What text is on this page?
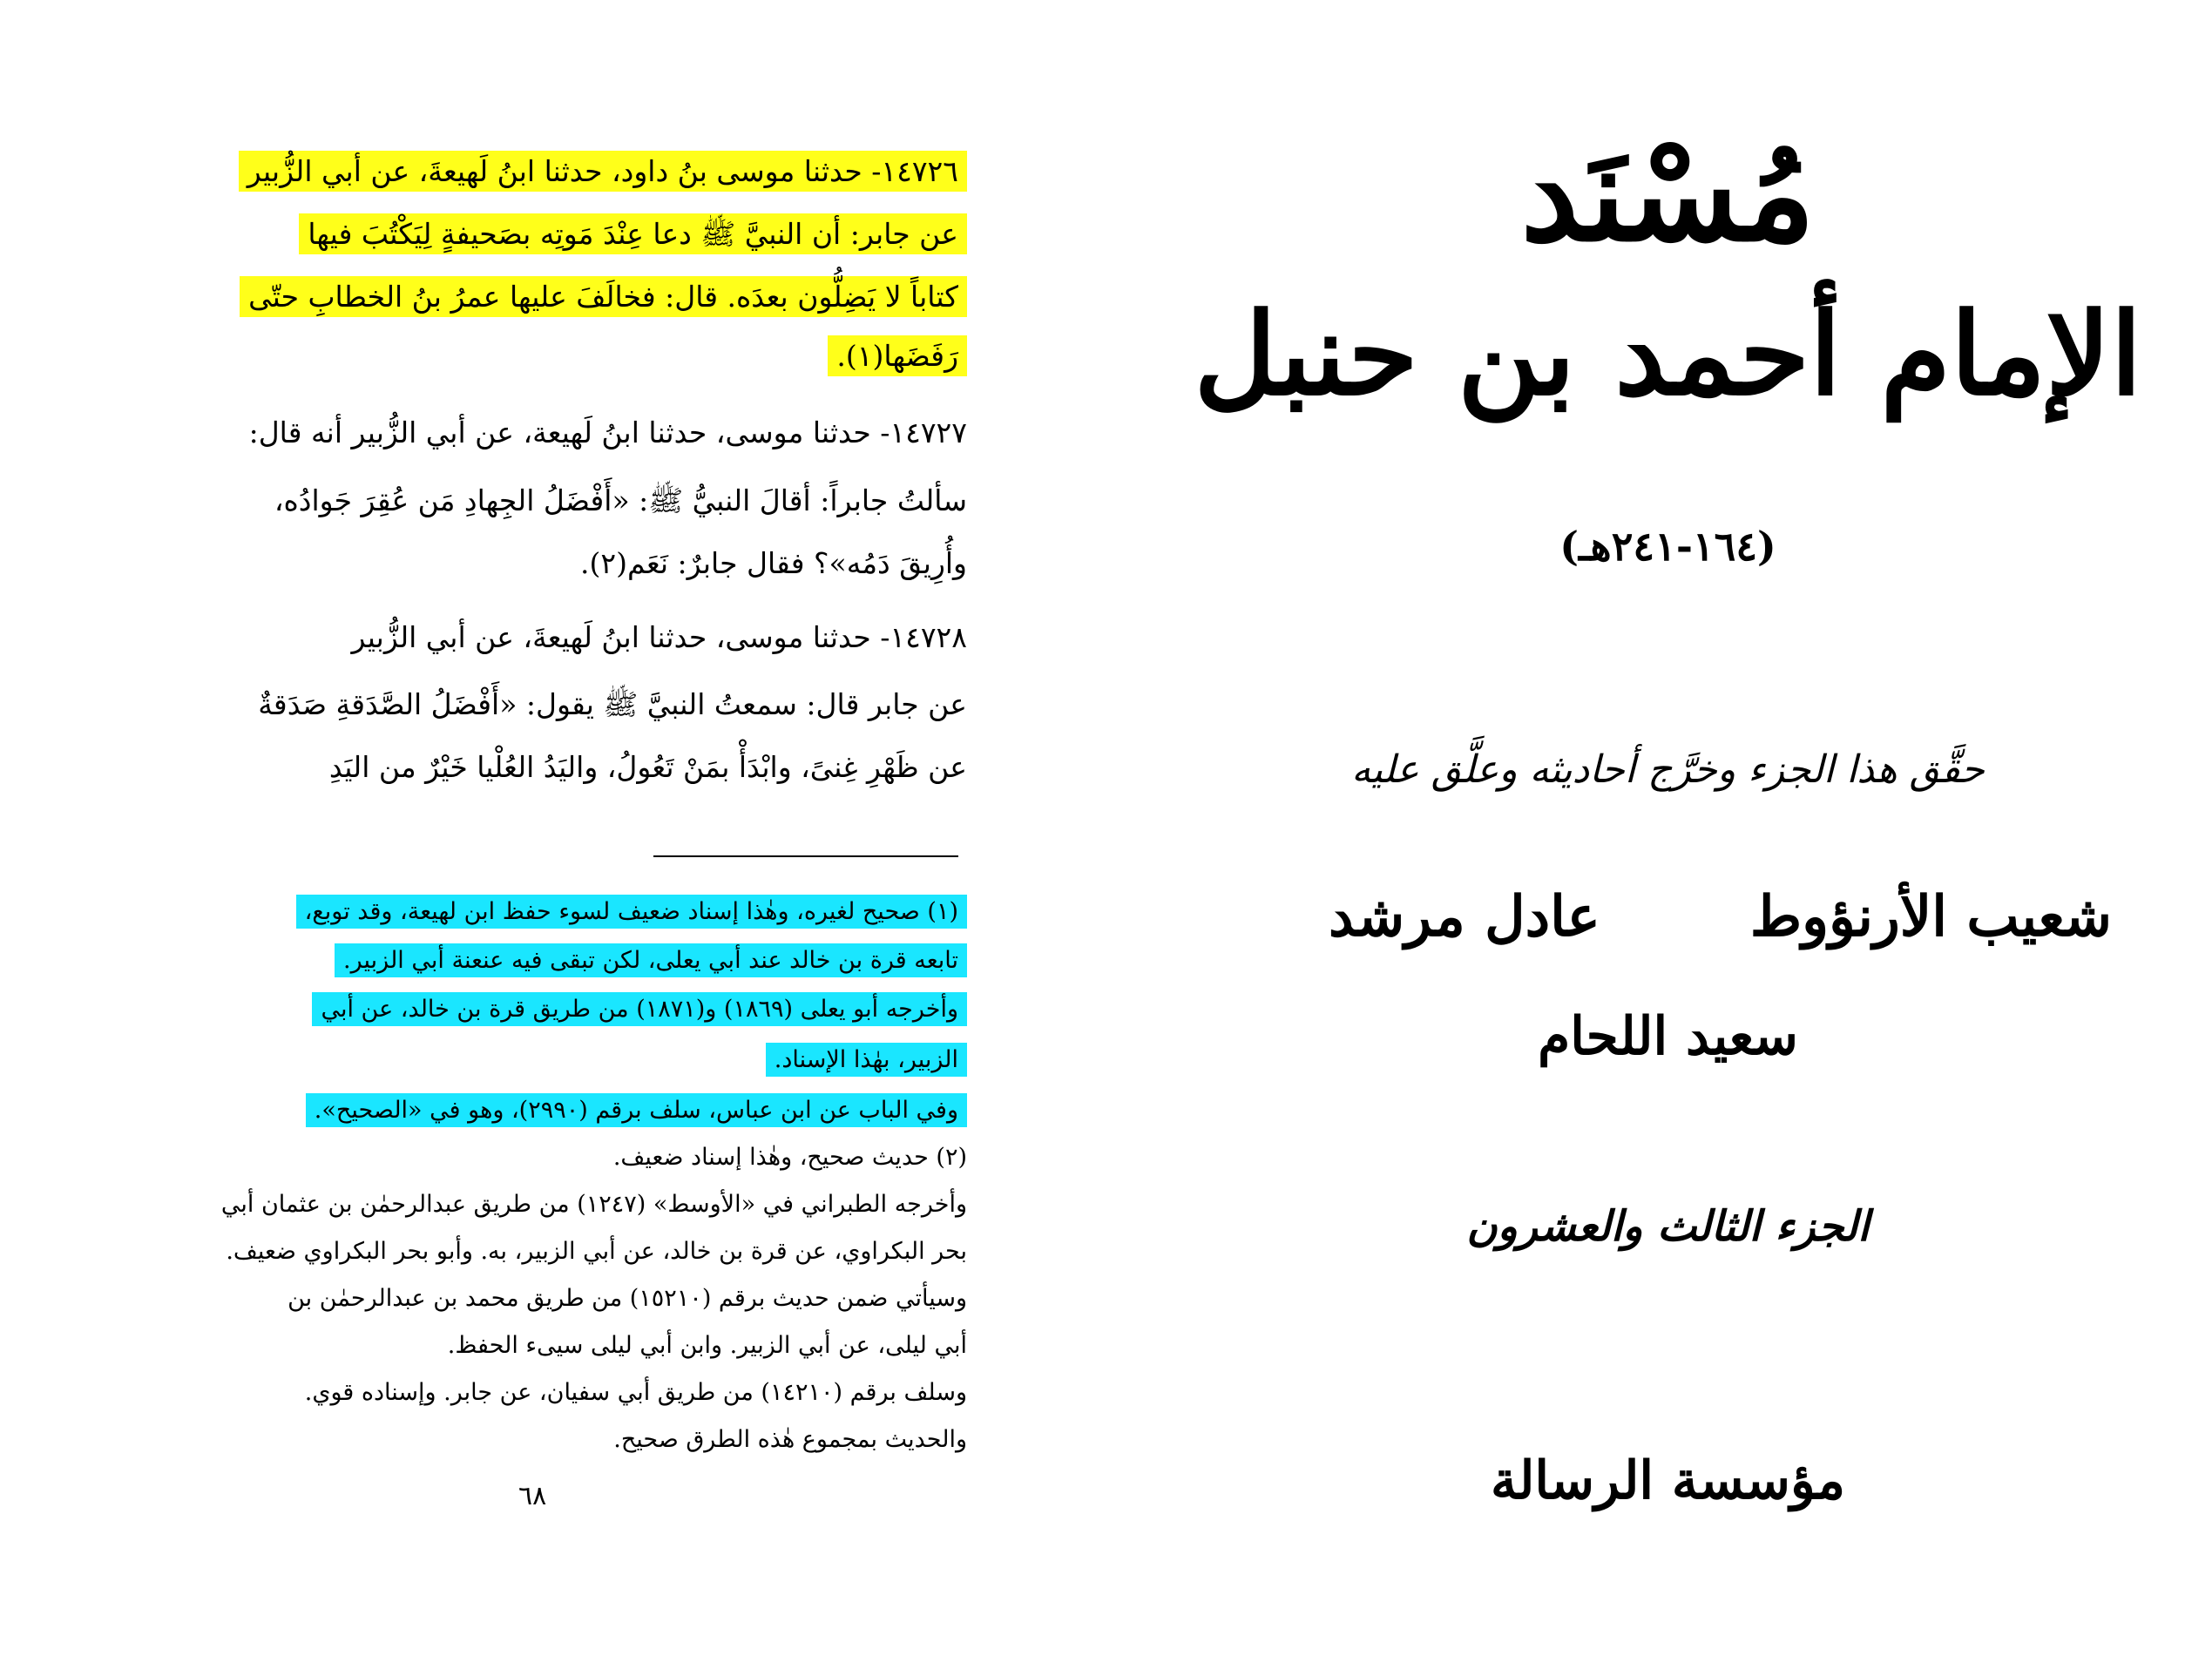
١٤٧٢٦- حدثنا موسى بنُ داود، حدثنا ابنُ لَهيعةَ، عن أبي الزُّبير
عن جابر: أن النبيَّ ﷺ دعا عِنْدَ مَوتِه بصَحيفةٍ لِيَكْتُبَ فيها
كتاباً لا يَضِلُّون بعدَه. قال: فخالَفَ عليها عمرُ بنُ الخطابِ حتّى
رَفَضَها(١).
١٤٧٢٧- حدثنا موسى، حدثنا ابنُ لَهيعة، عن أبي الزُّبير أنه قال:
سألتُ جابراً: أقالَ النبيُّ ﷺ: «أَفْضَلُ الجِهادِ مَن عُقِرَ جَوادُه،
وأُرِيقَ دَمُه»؟ فقال جابرٌ: نَعَم(٢).
١٤٧٢٨- حدثنا موسى، حدثنا ابنُ لَهيعةَ، عن أبي الزُّبير
عن جابر قال: سمعتُ النبيَّ ﷺ يقول: «أَفْضَلُ الصَّدَقةِ صَدَقةٌ
عن ظَهْرِ غِنىً، وابْدَأْ بمَنْ تَعُولُ، واليَدُ العُلْيا خَيْرٌ من اليَدِ
(١) صحيح لغيره، وهٰذا إسناد ضعيف لسوء حفظ ابن لهيعة، وقد توبع،
تابعه قرة بن خالد عند أبي يعلى، لكن تبقى فيه عنعنة أبي الزبير.
وأخرجه أبو يعلى (١٨٦٩) و(١٨٧١) من طريق قرة بن خالد، عن أبي
الزبير، بهٰذا الإسناد.
وفي الباب عن ابن عباس، سلف برقم (٢٩٩٠)، وهو في «الصحيح».
(٢) حديث صحيح، وهٰذا إسناد ضعيف.
وأخرجه الطبراني في «الأوسط» (١٢٤٧) من طريق عبدالرحمٰن بن عثمان أبي
بحر البكراوي، عن قرة بن خالد، عن أبي الزبير، به. وأبو بحر البكراوي ضعيف.
وسيأتي ضمن حديث برقم (١٥٢١٠) من طريق محمد بن عبدالرحمٰن بن
أبي ليلى، عن أبي الزبير. وابن أبي ليلى سيىء الحفظ.
وسلف برقم (١٤٢١٠) من طريق أبي سفيان، عن جابر. وإسناده قوي.
والحديث بمجموع هٰذه الطرق صحيح.
٦٨
مُسْنَد
الإمام أحمد بن حنبل
(١٦٤-٢٤١هـ)
حقَّق هذا الجزء وخرَّج أحاديثه وعلَّق عليه
شعيب الأرنؤوط
عادل مرشد
سعيد اللحام
الجزء الثالث والعشرون
مؤسسة الرسالة
